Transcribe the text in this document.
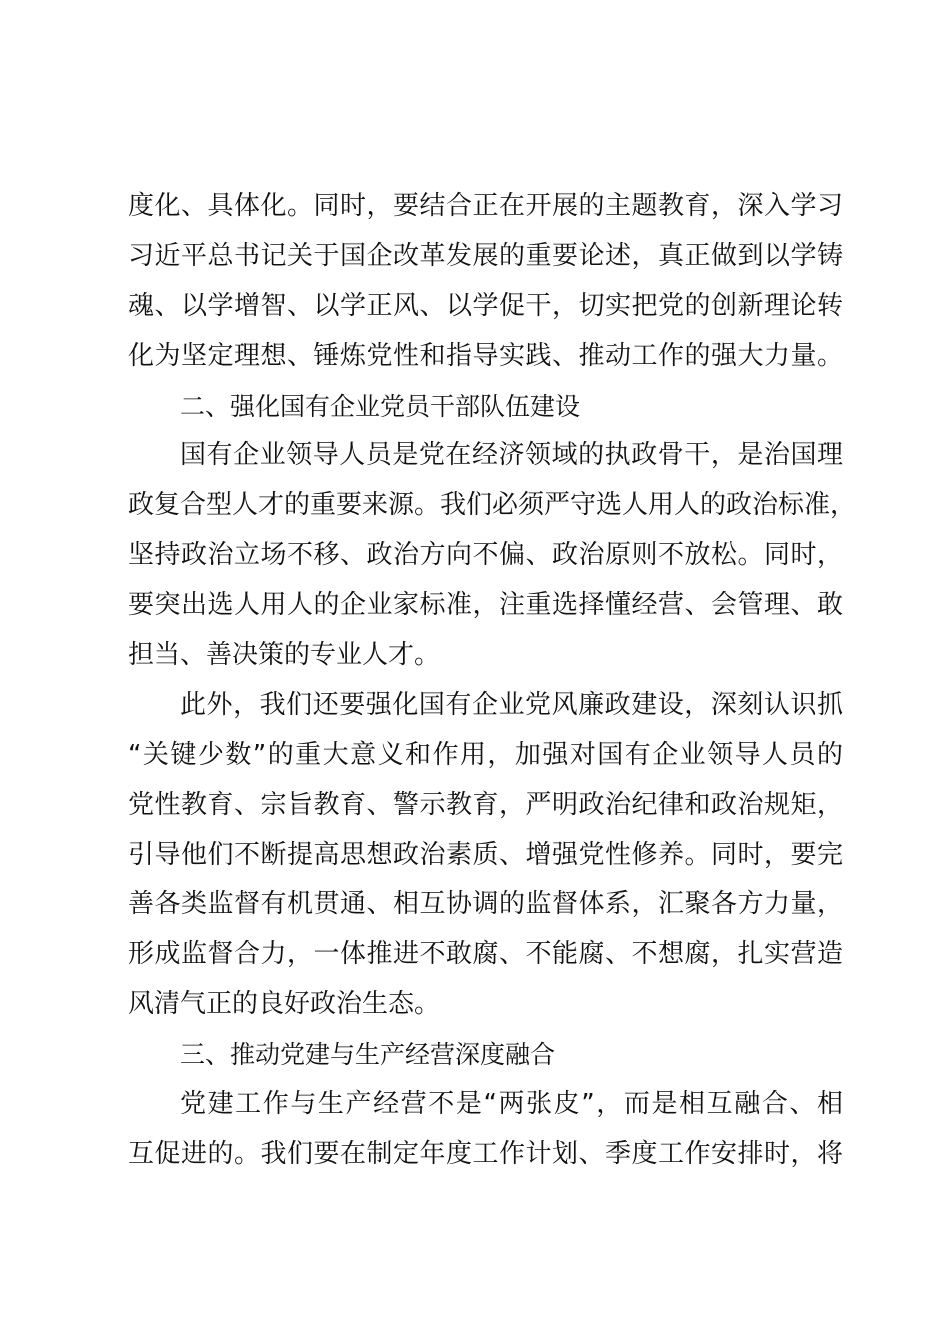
度化、具体化。同时，要结合正在开展的主题教育，深入学习
习近平总书记关于国企改革发展的重要论述，真正做到以学铸
魂、以学增智、以学正风、以学促干，切实把党的创新理论转
化为坚定理想、锤炼党性和指导实践、推动工作的强大力量。
二、强化国有企业党员干部队伍建设
国有企业领导人员是党在经济领域的执政骨干，是治国理
政复合型人才的重要来源。我们必须严守选人用人的政治标准，
坚持政治立场不移、政治方向不偏、政治原则不放松。同时，
要突出选人用人的企业家标准，注重选择懂经营、会管理、敢
担当、善决策的专业人才。
此外，我们还要强化国有企业党风廉政建设，深刻认识抓
“关键少数”的重大意义和作用，加强对国有企业领导人员的
党性教育、宗旨教育、警示教育，严明政治纪律和政治规矩，
引导他们不断提高思想政治素质、增强党性修养。同时，要完
善各类监督有机贯通、相互协调的监督体系，汇聚各方力量，
形成监督合力，一体推进不敢腐、不能腐、不想腐，扎实营造
风清气正的良好政治生态。
三、推动党建与生产经营深度融合
党建工作与生产经营不是“两张皮”，而是相互融合、相
互促进的。我们要在制定年度工作计划、季度工作安排时，将
